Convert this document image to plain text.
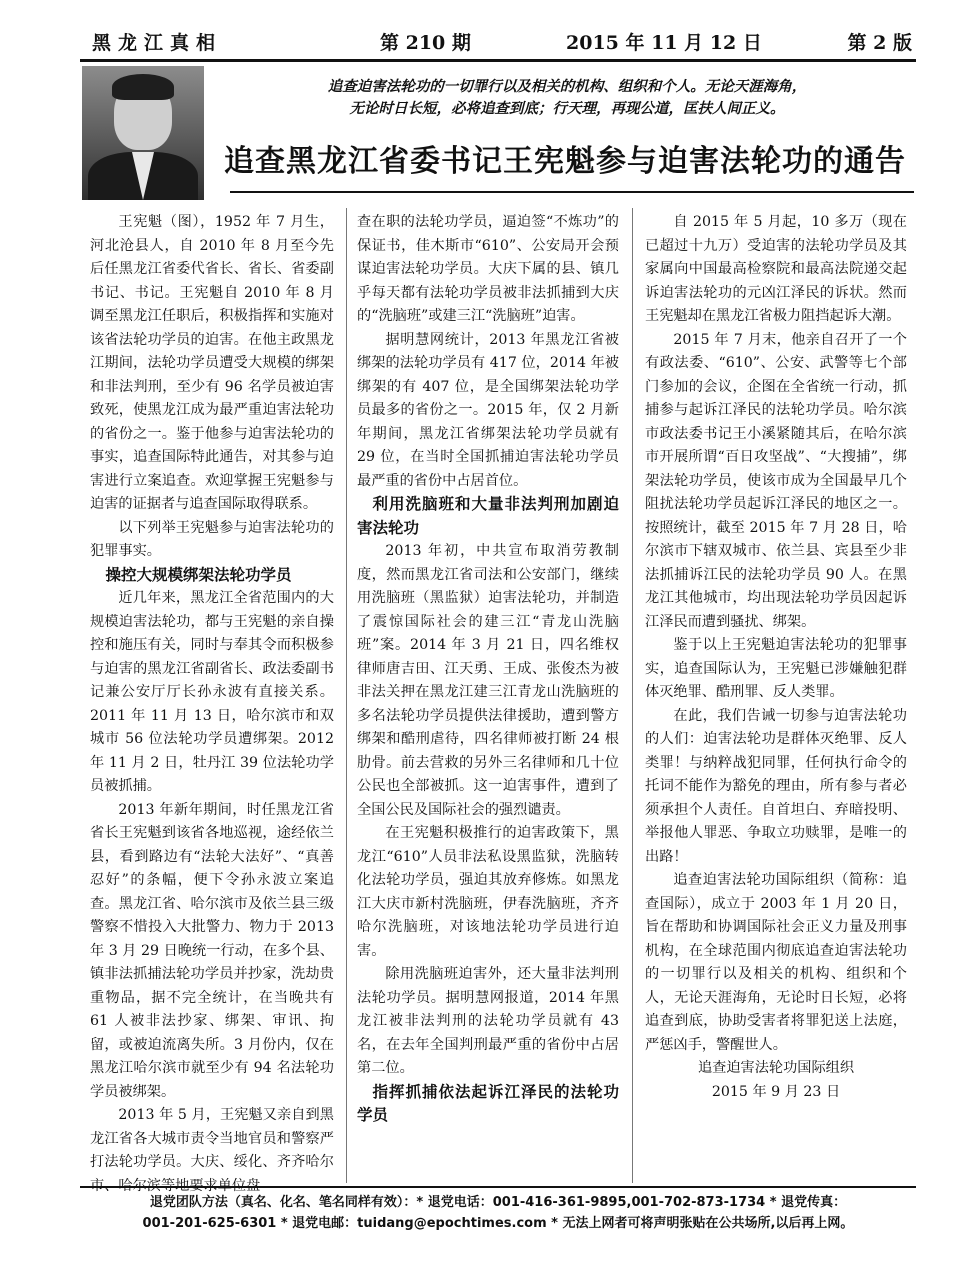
黑龙江真相	第 210 期	2015 年 11 月 12 日	第 2 版
追查迫害法轮功的一切罪行以及相关的机构、组织和个人。无论天涯海角，
无论时日长短，必将追查到底；行天理，再现公道，匡扶人间正义。
追查黑龙江省委书记王宪魁参与迫害法轮功的通告

王宪魁（图），1952 年 7 月生，河北沧县人，自 2010 年 8 月至今先后任黑龙江省委代省长、省长、省委副书记、书记。王宪魁自 2010 年 8 月调至黑龙江任职后，积极指挥和实施对该省法轮功学员的迫害。在他主政黑龙江期间，法轮功学员遭受大规模的绑架和非法判刑，至少有 96 名学员被迫害致死，使黑龙江成为最严重迫害法轮功的省份之一。鉴于他参与迫害法轮功的事实，追查国际特此通告，对其参与迫害进行立案追查。欢迎掌握王宪魁参与迫害的证据者与追查国际取得联系。

以下列举王宪魁参与迫害法轮功的犯罪事实。

操控大规模绑架法轮功学员

近几年来，黑龙江全省范围内的大规模迫害法轮功，都与王宪魁的亲自操控和施压有关，同时与奉其令而积极参与迫害的黑龙江省副省长、政法委副书记兼公安厅厅长孙永波有直接关系。2011 年 11 月 13 日，哈尔滨市和双城市 56 位法轮功学员遭绑架。2012 年 11 月 2 日，牡丹江 39 位法轮功学员被抓捕。

2013 年新年期间，时任黑龙江省省长王宪魁到该省各地巡视，途经依兰县，看到路边有“法轮大法好”、“真善忍好”的条幅，便下令孙永波立案追查。黑龙江省、哈尔滨市及依兰县三级警察不惜投入大批警力、物力于 2013 年 3 月 29 日晚统一行动，在多个县、镇非法抓捕法轮功学员并抄家，洗劫贵重物品，据不完全统计，在当晚共有 61 人被非法抄家、绑架、审讯、拘留，或被迫流离失所。3 月份内，仅在黑龙江哈尔滨市就至少有 94 名法轮功学员被绑架。

2013 年 5 月，王宪魁又亲自到黑龙江省各大城市责令当地官员和警察严打法轮功学员。大庆、绥化、齐齐哈尔

查在职的法轮功学员，逼迫签“不炼功”的保证书，佳木斯市“610”、公安局开会预谋迫害法轮功学员。大庆下属的县、镇几乎每天都有法轮功学员被非法抓捕到大庆的“洗脑班”或建三江“洗脑班”迫害。

据明慧网统计，2013 年黑龙江省被绑架的法轮功学员有 417 位，2014 年被绑架的有 407 位，是全国绑架法轮功学员最多的省份之一。2015 年，仅 2 月新年期间，黑龙江省绑架法轮功学员就有 29 位，在当时全国抓捕迫害法轮功学员最严重的省份中占居首位。

利用洗脑班和大量非法判刑加剧迫害法轮功

2013 年初，中共宣布取消劳教制度，然而黑龙江省司法和公安部门，继续用洗脑班（黑监狱）迫害法轮功，并制造了震惊国际社会的建三江“青龙山洗脑班”案。2014 年 3 月 21 日，四名维权律师唐吉田、江天勇、王成、张俊杰为被非法关押在黑龙江建三江青龙山洗脑班的多名法轮功学员提供法律援助，遭到警方绑架和酷刑虐待，四名律师被打断 24 根肋骨。前去营救的另外三名律师和几十位公民也全部被抓。这一迫害事件，遭到了全国公民及国际社会的强烈谴责。

在王宪魁积极推行的迫害政策下，黑龙江“610”人员非法私设黑监狱，洗脑转化法轮功学员，强迫其放弃修炼。如黑龙江大庆市新村洗脑班，伊春洗脑班，齐齐哈尔洗脑班，对该地法轮功学员进行迫害。

除用洗脑班迫害外，还大量非法判刑法轮功学员。据明慧网报道，2014 年黑龙江被非法判刑的法轮功学员就有 43 名，在去年全国判刑最严重的省份中占居第二位。

指挥抓捕依法起诉江泽民的法轮功学员

自 2015 年 5 月起，10 多万（现在已超过十九万）受迫害的法轮功学员及其家属向中国最高检察院和最高法院递交起诉迫害法轮功的元凶江泽民的诉状。然而王宪魁却在黑龙江省极力阻挡起诉大潮。

2015 年 7 月末，他亲自召开了一个有政法委、“610”、公安、武警等七个部门参加的会议，企图在全省统一行动，抓捕参与起诉江泽民的法轮功学员。哈尔滨市政法委书记王小溪紧随其后，在哈尔滨市开展所谓“百日攻坚战”、“大搜捕”，绑架法轮功学员，使该市成为全国最早几个阻扰法轮功学员起诉江泽民的地区之一。按照统计，截至 2015 年 7 月 28 日，哈尔滨市下辖双城市、依兰县、宾县至少非法抓捕诉江民的法轮功学员 90 人。在黑龙江其他城市，均出现法轮功学员因起诉江泽民而遭到骚扰、绑架。

鉴于以上王宪魁迫害法轮功的犯罪事实，追查国际认为，王宪魁已涉嫌触犯群体灭绝罪、酷刑罪、反人类罪。

在此，我们告诫一切参与迫害法轮功的人们：迫害法轮功是群体灭绝罪、反人类罪！与纳粹战犯同罪，任何执行命令的托词不能作为豁免的理由，所有参与者必须承担个人责任。自首坦白、弃暗投明、举报他人罪恶、争取立功赎罪，是唯一的出路！

追查迫害法轮功国际组织（简称：追查国际），成立于 2003 年 1 月 20 日，旨在帮助和协调国际社会正义力量及刑事机构，在全球范围内彻底追查迫害法轮功的一切罪行以及相关的机构、组织和个人，无论天涯海角，无论时日长短，必将追查到底，协助受害者将罪犯送上法庭，严惩凶手，警醒世人。

追查迫害法轮功国际组织

2015 年 9 月 23 日

退党团队方法（真名、化名、笔名同样有效）：* 退党电话：001-416-361-9895,001-702-873-1734 * 退党传真：
001-201-625-6301 * 退党电邮：tuidang@epochtimes.com * 无法上网者可将声明张贴在公共场所,以后再上网。
